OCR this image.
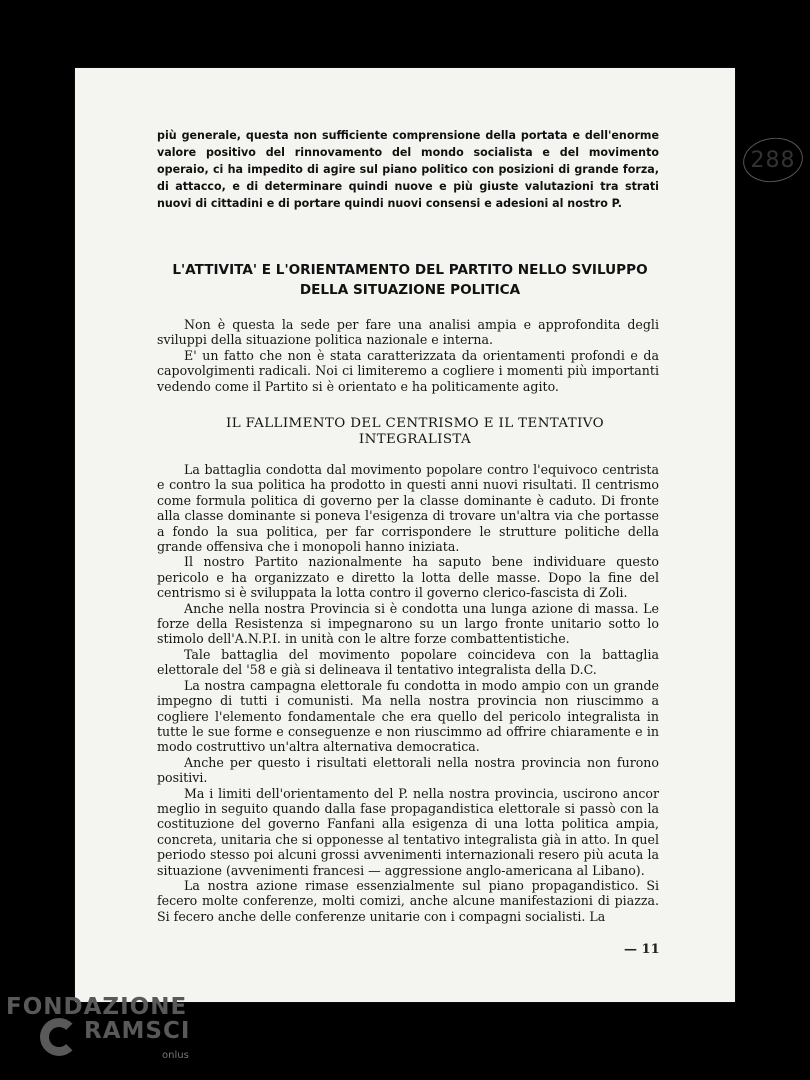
288
più generale, questa non sufficiente comprensione della portata e dell'enorme valore positivo del rinnovamento del mondo socialista e del movimento operaio, ci ha impedito di agire sul piano politico con posizioni di grande forza, di attacco, e di determinare quindi nuove e più giuste valutazioni tra strati nuovi di cittadini e di portare quindi nuovi consensi e adesioni al nostro P.
L'ATTIVITA' E L'ORIENTAMENTO DEL PARTITO NELLO SVILUPPO
DELLA SITUAZIONE POLITICA

Non è questa la sede per fare una analisi ampia e approfondita degli sviluppi della situazione politica nazionale e interna.

E' un fatto che non è stata caratterizzata da orientamenti profondi e da capovolgimenti radicali. Noi ci limiteremo a cogliere i momenti più importanti vedendo come il Partito si è orientato e ha politicamente agito.

IL FALLIMENTO DEL CENTRISMO E IL TENTATIVO
INTEGRALISTA

La battaglia condotta dal movimento popolare contro l'equivoco centrista e contro la sua politica ha prodotto in questi anni nuovi risultati. Il centrismo come formula politica di governo per la classe dominante è caduto. Di fronte alla classe dominante si poneva l'esigenza di trovare un'altra via che portasse a fondo la sua politica, per far corrispondere le strutture politiche della grande offensiva che i monopoli hanno iniziata.

Il nostro Partito nazionalmente ha saputo bene individuare questo pericolo e ha organizzato e diretto la lotta delle masse. Dopo la fine del centrismo si è sviluppata la lotta contro il governo clerico-fascista di Zoli.

Anche nella nostra Provincia si è condotta una lunga azione di massa. Le forze della Resistenza si impegnarono su un largo fronte unitario sotto lo stimolo dell'A.N.P.I. in unità con le altre forze combattentistiche.

Tale battaglia del movimento popolare coincideva con la battaglia elettorale del '58 e già si delineava il tentativo integralista della D.C.

La nostra campagna elettorale fu condotta in modo ampio con un grande impegno di tutti i comunisti. Ma nella nostra provincia non riuscimmo a cogliere l'elemento fondamentale che era quello del pericolo integralista in tutte le sue forme e conseguenze e non riuscimmo ad offrire chiaramente e in modo costruttivo un'altra alternativa democratica.

Anche per questo i risultati elettorali nella nostra provincia non furono positivi.

Ma i limiti dell'orientamento del P. nella nostra provincia, uscirono ancor meglio in seguito quando dalla fase propagandistica elettorale si passò con la costituzione del governo Fanfani alla esigenza di una lotta politica ampia, concreta, unitaria che si opponesse al tentativo integralista già in atto. In quel periodo stesso poi alcuni grossi avvenimenti internazionali resero più acuta la situazione (avvenimenti francesi — aggressione anglo-americana al Libano).

La nostra azione rimase essenzialmente sul piano propagandistico. Si fecero molte conferenze, molti comizi, anche alcune manifestazioni di piazza. Si fecero anche delle conferenze unitarie con i compagni socialisti. La

— 11
FONDAZIONE
RAMSCI
onlus
